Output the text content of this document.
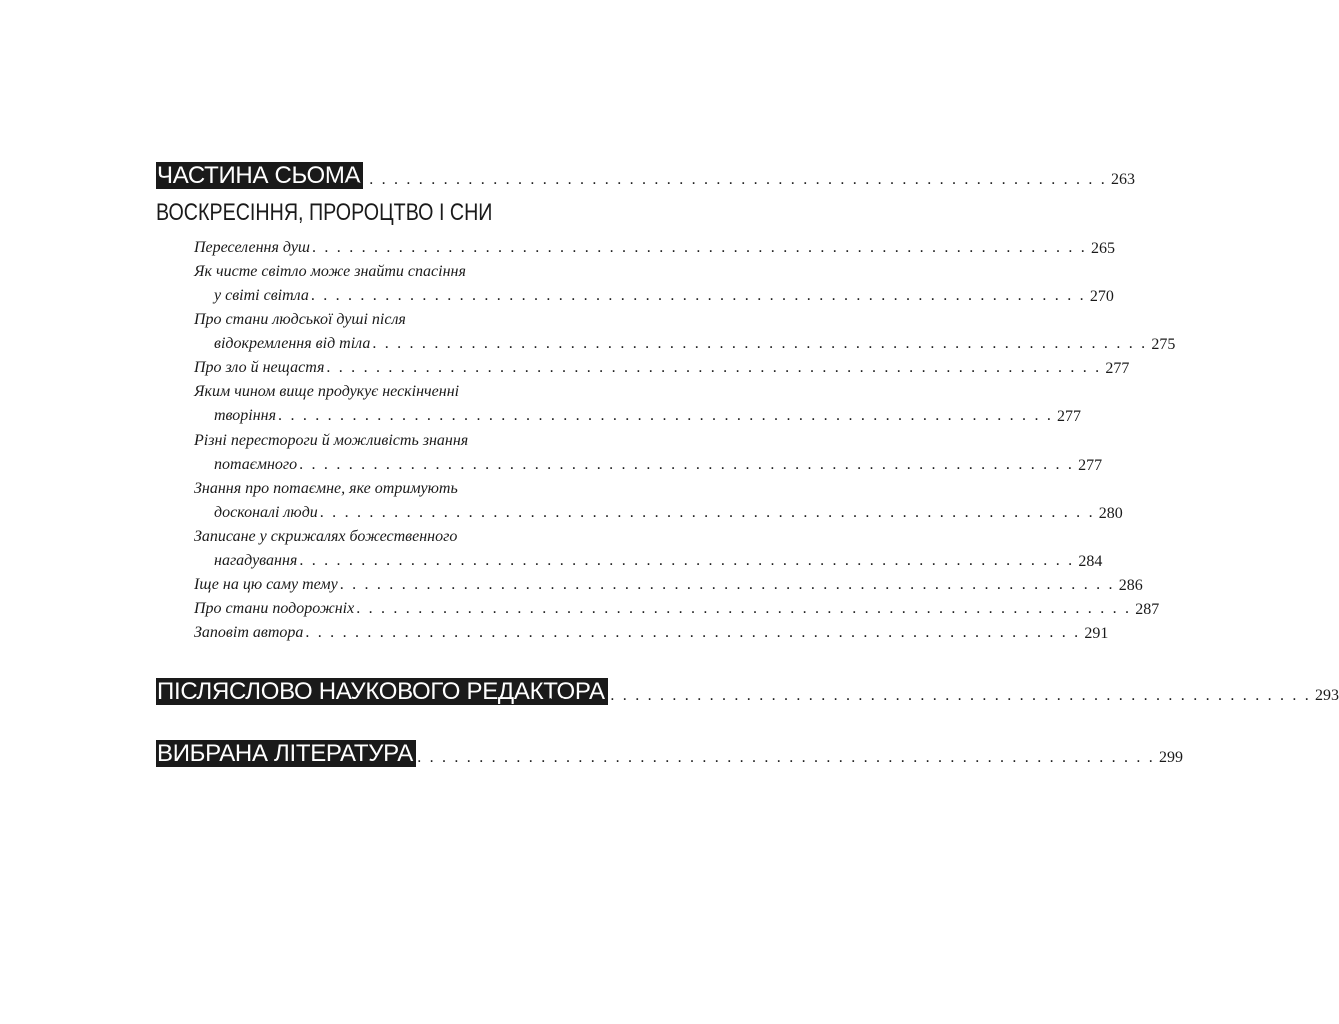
ЧАСТИНА СЬОМА
. . . . . . . . . . . . . . . . . . . . . . . . . . . . . . . . . . . . . . . . . . . . . . . . . . . . . . . . . . . . . . . 263
ВОСКРЕСІННЯ, ПРОРОЦТВО І СНИ
Переселення душ . . . . . . . . . . . . . . . . . . . . . . . . . . . . . . . . . . . . . . . . . . . . . . . . . . . . . . . . . . . . . . . 265
Як чисте світло може знайти спасіння
у світі світла . . . . . . . . . . . . . . . . . . . . . . . . . . . . . . . . . . . . . . . . . . . . . . . . . . . . . . . . . . . . . . . 270
Про стани людської душі після
відокремлення від тіла . . . . . . . . . . . . . . . . . . . . . . . . . . . . . . . . . . . . . . . . . . . . . . . . . . . . . . . . . . . . . . . 275
Про зло й нещастя . . . . . . . . . . . . . . . . . . . . . . . . . . . . . . . . . . . . . . . . . . . . . . . . . . . . . . . . . . . . . . . 277
Яким чином вище продукує нескінченні
творіння . . . . . . . . . . . . . . . . . . . . . . . . . . . . . . . . . . . . . . . . . . . . . . . . . . . . . . . . . . . . . . . 277
Різні перестороги й можливість знання
потаємного . . . . . . . . . . . . . . . . . . . . . . . . . . . . . . . . . . . . . . . . . . . . . . . . . . . . . . . . . . . . . . . 277
Знання про потаємне, яке отримують
досконалі люди . . . . . . . . . . . . . . . . . . . . . . . . . . . . . . . . . . . . . . . . . . . . . . . . . . . . . . . . . . . . . . . 280
Записане у скрижалях божественного
нагадування . . . . . . . . . . . . . . . . . . . . . . . . . . . . . . . . . . . . . . . . . . . . . . . . . . . . . . . . . . . . . . . 284
Іще на цю саму тему . . . . . . . . . . . . . . . . . . . . . . . . . . . . . . . . . . . . . . . . . . . . . . . . . . . . . . . . . . . . . . . 286
Про стани подорожніх . . . . . . . . . . . . . . . . . . . . . . . . . . . . . . . . . . . . . . . . . . . . . . . . . . . . . . . . . . . . . . . 287
Заповіт автора . . . . . . . . . . . . . . . . . . . . . . . . . . . . . . . . . . . . . . . . . . . . . . . . . . . . . . . . . . . . . . . 291
ПІСЛЯСЛОВО НАУКОВОГО РЕДАКТОРА
. . . . . . . . . . . . . . . . . . . . . . . . . . . . . . . . . . . . . . . . . . . . . . . . . . . . . . . . . . . . . . . 293
ВИБРАНА ЛІТЕРАТУРА
. . . . . . . . . . . . . . . . . . . . . . . . . . . . . . . . . . . . . . . . . . . . . . . . . . . . . . . . . . . . . . . 299
